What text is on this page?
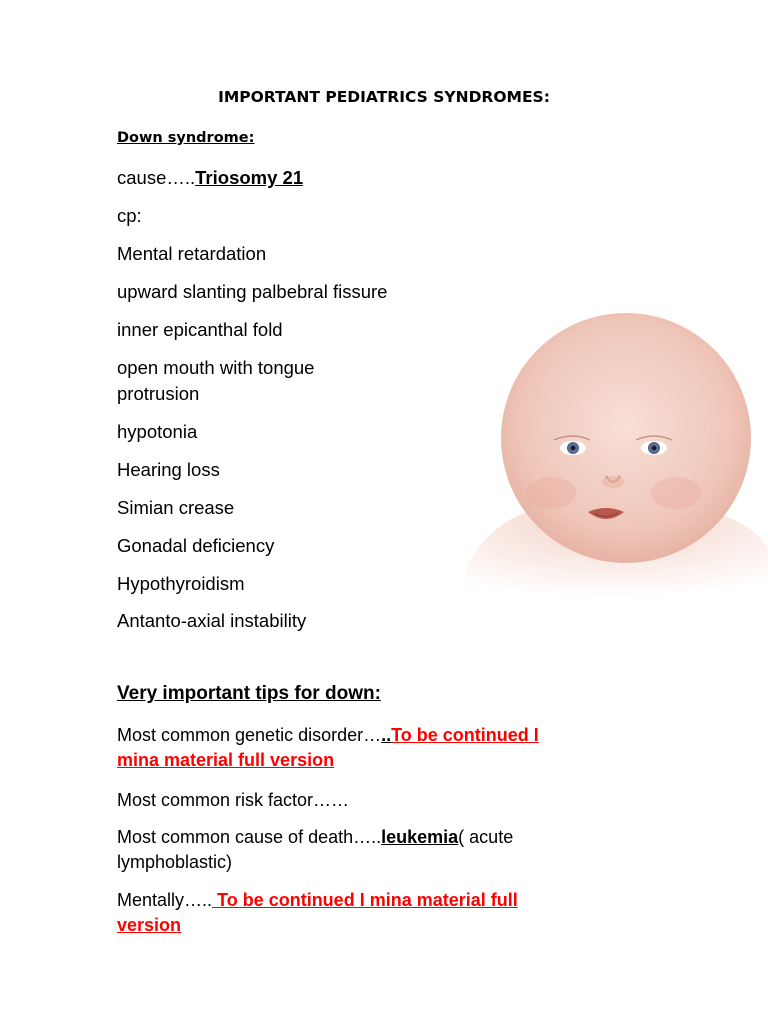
IMPORTANT PEDIATRICS SYNDROMES:
Down syndrome:
cause…..Triosomy 21
cp:
Mental retardation
upward slanting palbebral fissure
inner epicanthal fold
open mouth with tongue
protrusion
hypotonia
Hearing loss
Simian crease
Gonadal deficiency
Hypothyroidism
Antanto-axial instability
Very important tips for down:
Most common genetic disorder…..To be continued I
mina material full version
Most common risk factor……
Most common cause of death…..leukemia( acute
lymphoblastic)
Mentally….. To be continued I mina material full
version
